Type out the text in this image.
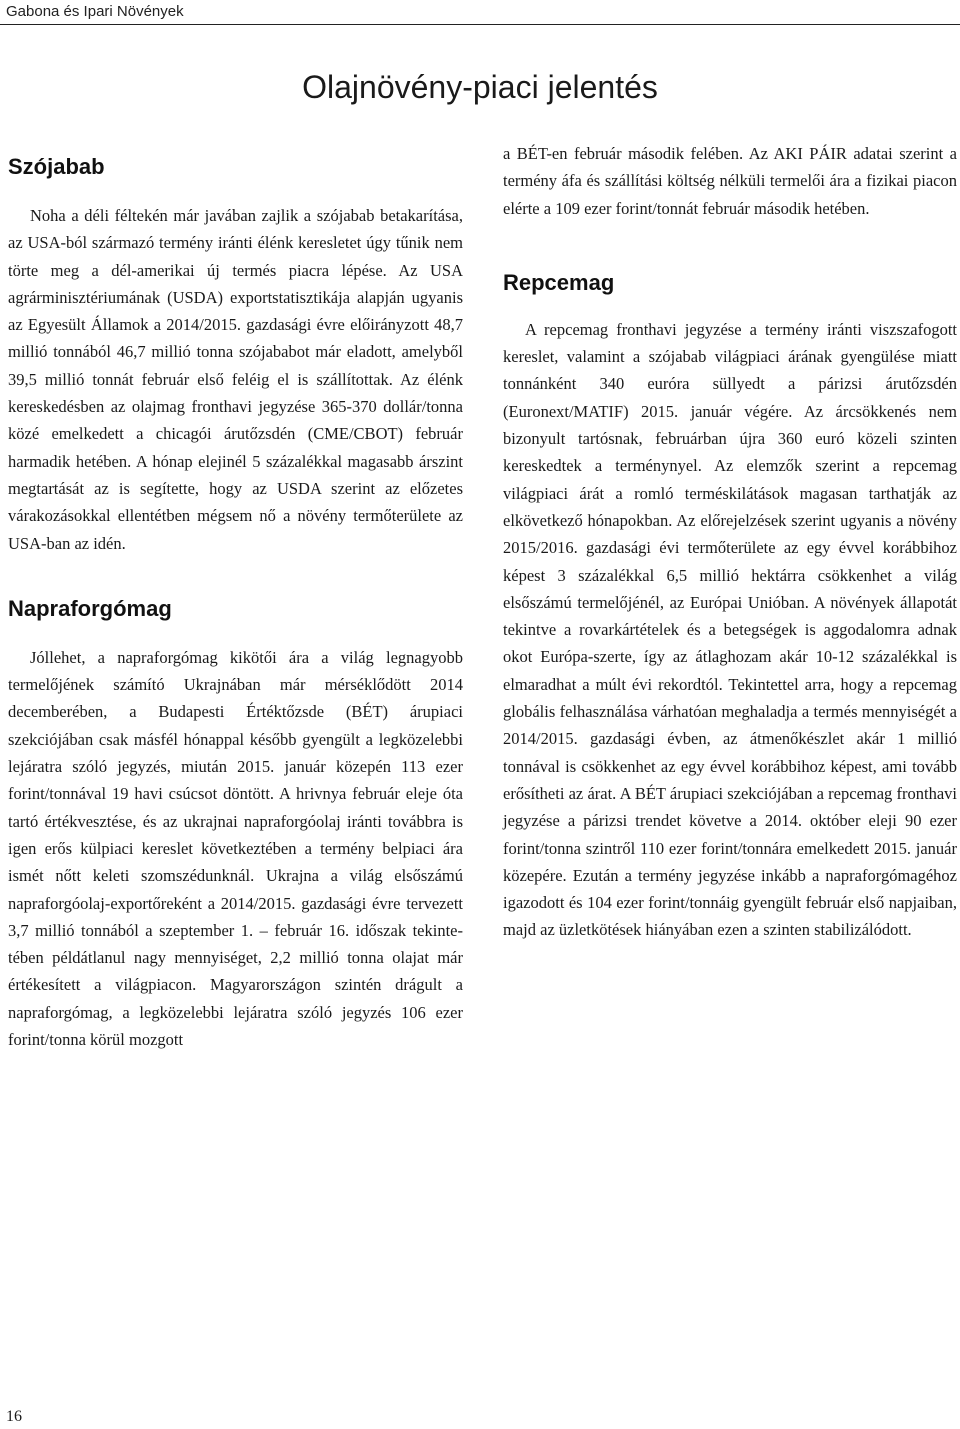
Gabona és Ipari Növények
Olajnövény-piaci jelentés
Szójabab

Noha a déli féltekén már javában zajlik a szójabab betakarítása, az USA-ból származó termény iránti élénk keresletet úgy tűnik nem törte meg a dél-amerikai új termés piacra lépése. Az USA agrárminisztériumának (USDA) exportstatisztikája alapján ugyanis az Egyesült Államok a 2014/2015. gazdasági évre előirányzott 48,7 millió tonnából 46,7 millió tonna szójababot már eladott, amelyből 39,5 millió tonnát február első feléig el is szállítottak. Az élénk kereskedésben az olajmag fronthavi jegyzése 365-370 dollár/tonna közé emelkedett a chicagói árutőzsdén (CME/CBOT) február harmadik hetében. A hónap elejinél 5 százalékkal magasabb árszint megtartását az is segítette, hogy az USDA szerint az előzetes várakozásokkal ellentétben mégsem nő a növény termőterülete az USA-ban az idén.

Napraforgómag

Jóllehet, a napraforgómag kikötői ára a világ legnagyobb termelőjének számító Ukrajnában már mérséklődött 2014 decemberében, a Budapesti Értéktőzsde (BÉT) árupiaci szekciójában csak másfél hónappal később gyengült a legközelebbi lejáratra szóló jegyzés, miután 2015. január közepén 113 ezer forint/tonnával 19 havi csúcsot döntött. A hrivnya február eleje óta tartó értékvesztése, és az ukrajnai napraforgóolaj iránti továbbra is igen erős külpiaci kereslet következtében a termény belpiaci ára ismét nőtt keleti szomszédunknál. Ukrajna a világ elsőszámú napraforgóolaj-exportőreként a 2014/2015. gazdasági évre tervezett 3,7 millió tonnából a szeptember 1. – február 16. időszak tekintetében példátlanul nagy mennyiséget, 2,2 millió tonna olajat már értékesített a világpiacon. Magyarországon szintén drágult a napraforgómag, a legközelebbi lejáratra szóló jegyzés 106 ezer forint/tonna körül mozgott

a BÉT-en február második felében. Az AKI PÁIR adatai szerint a termény áfa és szállítási költség nélküli termelői ára a fizikai piacon elérte a 109 ezer forint/tonnát február második hetében.

Repcemag

A repcemag fronthavi jegyzése a termény iránti viszszafogott kereslet, valamint a szójabab világpiaci árának gyengülése miatt tonnánként 340 euróra süllyedt a párizsi árutőzsdén (Euronext/MATIF) 2015. január végére. Az árcsökkenés nem bizonyult tartósnak, februárban újra 360 euró közeli szinten kereskedtek a terménynyel. Az elemzők szerint a repcemag világpiaci árát a romló terméskilátások magasan tarthatják az elkövetkező hónapokban. Az előrejelzések szerint ugyanis a növény 2015/2016. gazdasági évi termőterülete az egy évvel korábbihoz képest 3 százalékkal 6,5 millió hektárra csökkenhet a világ elsőszámú termelőjénél, az Európai Unióban. A növények állapotát tekintve a rovarkártételek és a betegségek is aggodalomra adnak okot Európa-szerte, így az átlaghozam akár 10-12 százalékkal is elmaradhat a múlt évi rekordtól. Tekintettel arra, hogy a repcemag globális felhasználása várhatóan meghaladja a termés mennyiségét a 2014/2015. gazdasági évben, az átmenőkészlet akár 1 millió tonnával is csökkenhet az egy évvel korábbihoz képest, ami tovább erősítheti az árat. A BÉT árupiaci szekciójában a repcemag fronthavi jegyzése a párizsi trendet követve a 2014. október eleji 90 ezer forint/tonna szintről 110 ezer forint/tonnára emelkedett 2015. január közepére. Ezután a termény jegyzése inkább a napraforgómagéhoz igazodott és 104 ezer forint/tonnáig gyengült február első napjaiban, majd az üzletkötések hiányában ezen a szinten stabilizálódott.

16
